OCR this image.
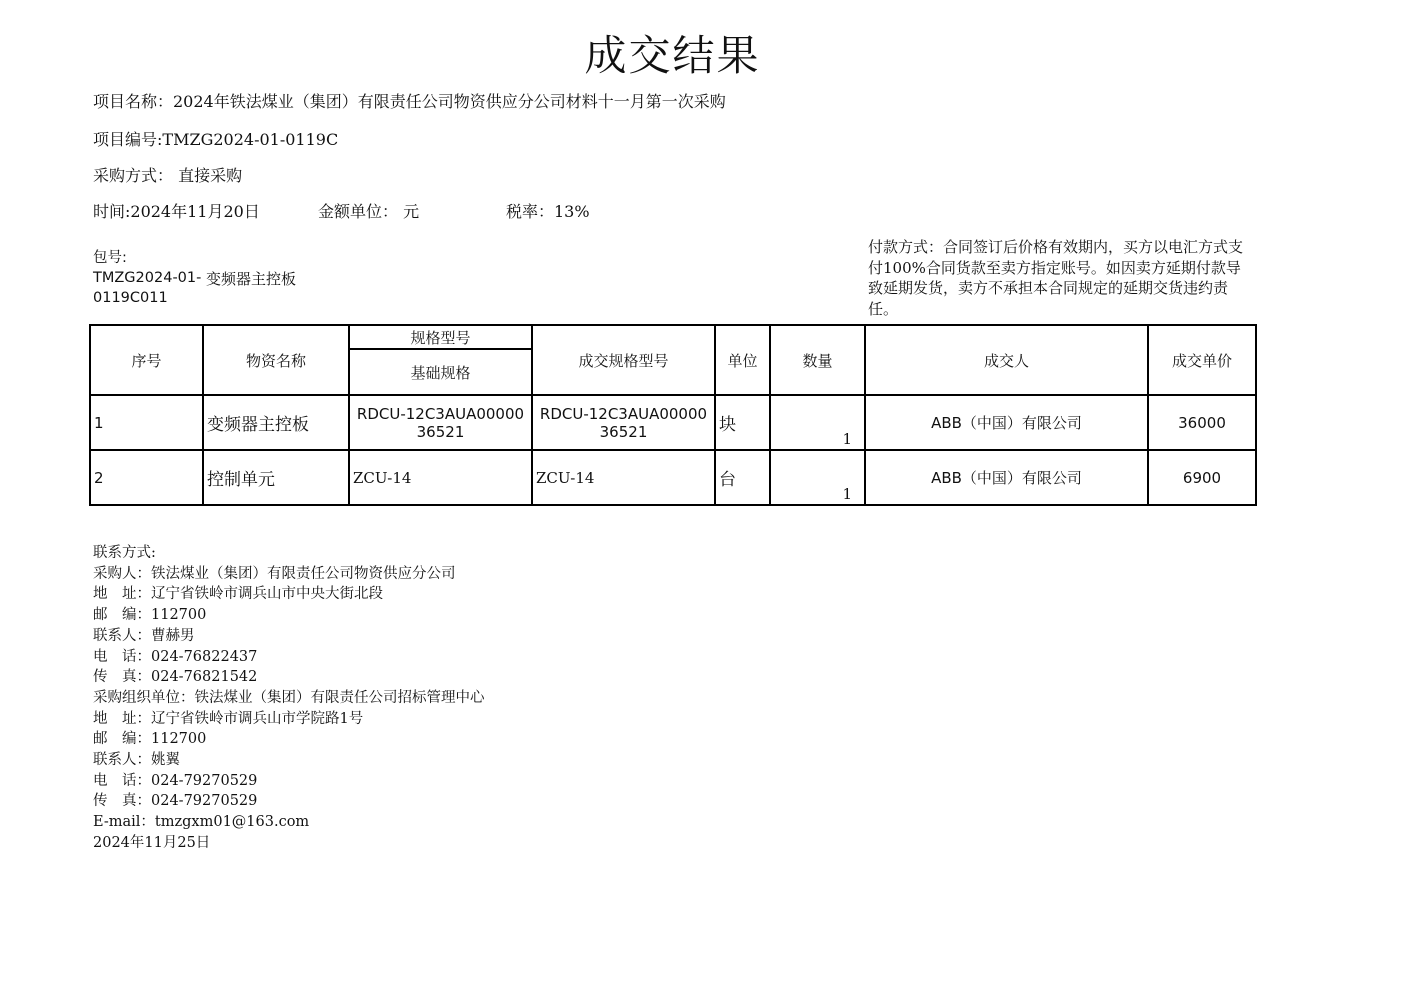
成交结果
项目名称：2024年铁法煤业（集团）有限责任公司物资供应分公司材料十一月第一次采购
项目编号:TMZG2024-01-0119C
采购方式： 直接采购
时间:2024年11月20日	金额单位： 元	税率：13%
包号:
TMZG2024-01-0119C011
变频器主控板
付款方式：合同签订后价格有效期内，买方以电汇方式支付100%合同货款至卖方指定账号。如因卖方延期付款导致延期发货，卖方不承担本合同规定的延期交货违约责任。
序号	物资名称	规格型号	成交规格型号	单位	数量	成交人	成交单价
		基础规格					
1	变频器主控板	RDCU-12C3AUA0000036521	RDCU-12C3AUA0000036521	块	1	ABB（中国）有限公司	36000
2	控制单元	ZCU-14	ZCU-14	台	1	ABB（中国）有限公司	6900
联系方式:
采购人：铁法煤业（集团）有限责任公司物资供应分公司
地　址：辽宁省铁岭市调兵山市中央大街北段
邮　编：112700
联系人：曹赫男
电　话：024-76822437
传　真：024-76821542
采购组织单位：铁法煤业（集团）有限责任公司招标管理中心
地　址：辽宁省铁岭市调兵山市学院路1号
邮　编：112700
联系人：姚翼
电　话：024-79270529
传　真：024-79270529
E-mail：tmzgxm01@163.com
2024年11月25日
